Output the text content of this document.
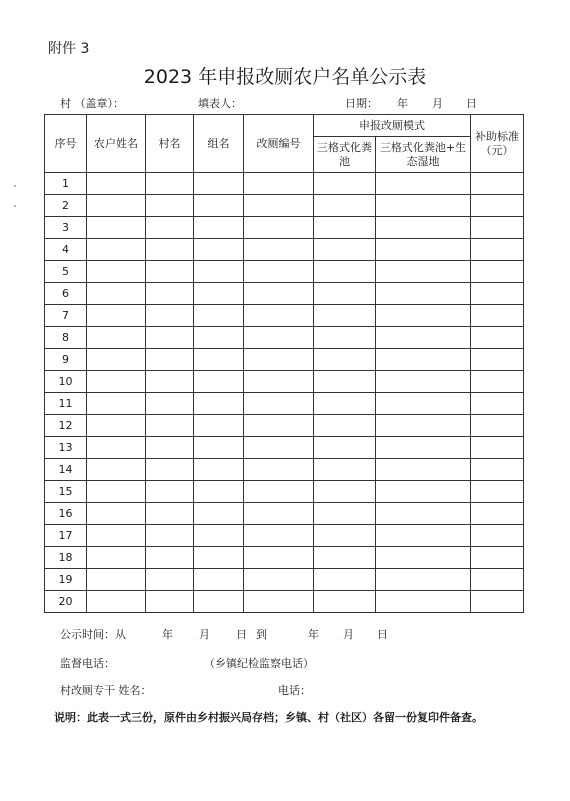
附件 3
2023 年申报改厕农户名单公示表
村 （盖章）：	填表人：	日期： 年 月 日
序号	农户姓名	村名	组名	改厕编号	申报改厕模式		补助标准（元）
					三格式化粪池	三格式化粪池+生态湿地	
1							
2							
3							
4							
5							
6							
7							
8							
9							
10							
11							
12							
13							
14							
15							
16							
17							
18							
19							
20							
公示时间：从	年 月 日 到	年 月 日
监督电话：	（乡镇纪检监察电话）
村改厕专干 姓名：	电话：
说明：此表一式三份，原件由乡村振兴局存档；乡镇、村（社区）各留一份复印件备查。
